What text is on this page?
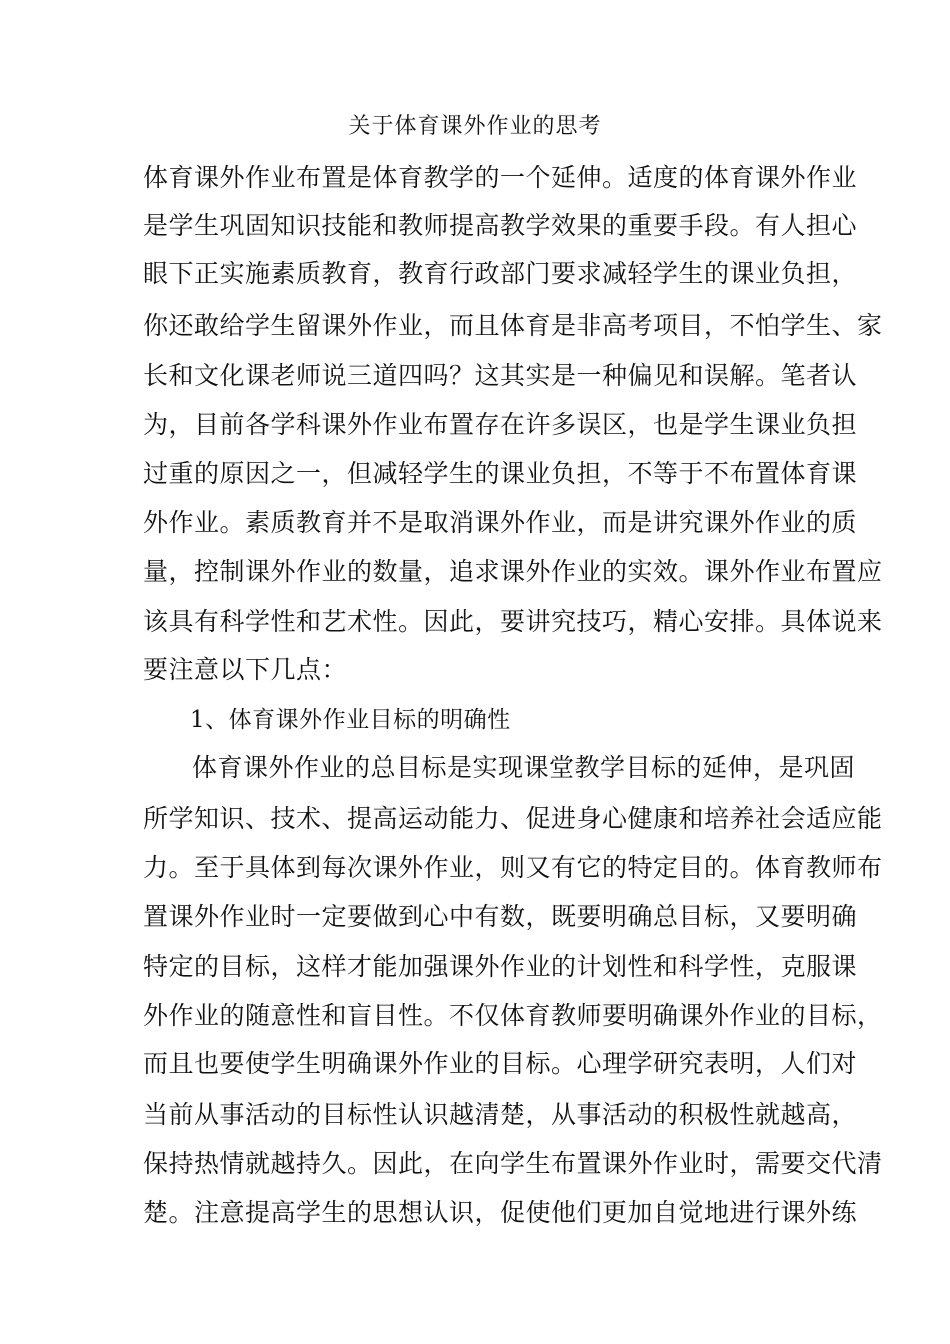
关于体育课外作业的思考
体育课外作业布置是体育教学的一个延伸。适度的体育课外作业
是学生巩固知识技能和教师提高教学效果的重要手段。有人担心
眼下正实施素质教育，教育行政部门要求减轻学生的课业负担，
你还敢给学生留课外作业，而且体育是非高考项目，不怕学生、家
长和文化课老师说三道四吗？这其实是一种偏见和误解。笔者认
为，目前各学科课外作业布置存在许多误区，也是学生课业负担
过重的原因之一，但减轻学生的课业负担，不等于不布置体育课
外作业。素质教育并不是取消课外作业，而是讲究课外作业的质
量，控制课外作业的数量，追求课外作业的实效。课外作业布置应
该具有科学性和艺术性。因此，要讲究技巧，精心安排。具体说来
要注意以下几点：
1、体育课外作业目标的明确性
体育课外作业的总目标是实现课堂教学目标的延伸，是巩固
所学知识、技术、提高运动能力、促进身心健康和培养社会适应能
力。至于具体到每次课外作业，则又有它的特定目的。体育教师布
置课外作业时一定要做到心中有数，既要明确总目标，又要明确
特定的目标，这样才能加强课外作业的计划性和科学性，克服课
外作业的随意性和盲目性。不仅体育教师要明确课外作业的目标，
而且也要使学生明确课外作业的目标。心理学研究表明，人们对
当前从事活动的目标性认识越清楚，从事活动的积极性就越高，
保持热情就越持久。因此，在向学生布置课外作业时，需要交代清
楚。注意提高学生的思想认识，促使他们更加自觉地进行课外练
